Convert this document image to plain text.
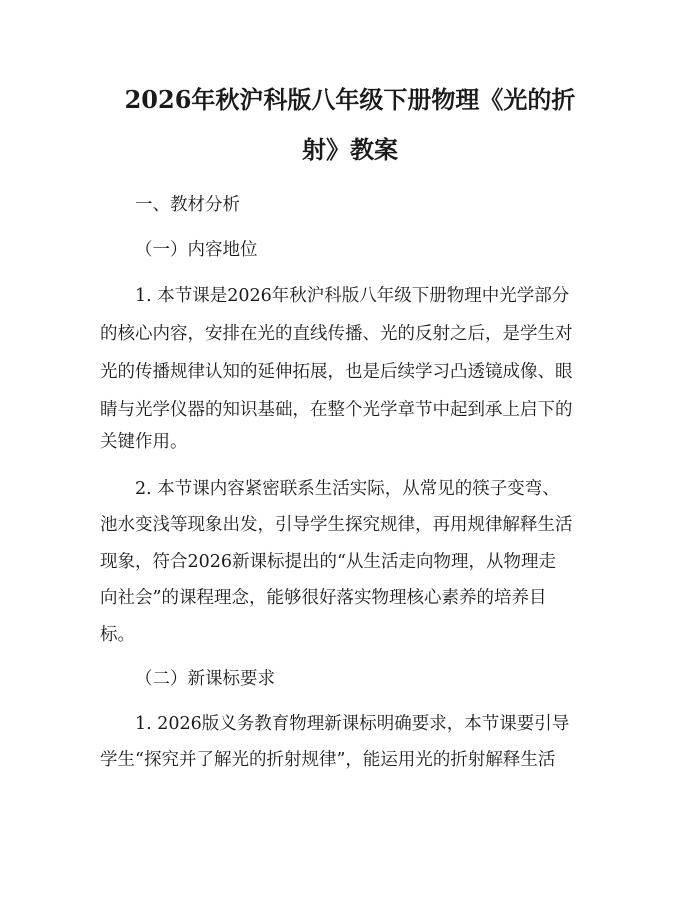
2026年秋沪科版八年级下册物理《光的折
射》教案

一、教材分析

（一）内容地位

1. 本节课是2026年秋沪科版八年级下册物理中光学部分

的核心内容，安排在光的直线传播、光的反射之后，是学生对

光的传播规律认知的延伸拓展，也是后续学习凸透镜成像、眼

睛与光学仪器的知识基础，在整个光学章节中起到承上启下的

关键作用。

2. 本节课内容紧密联系生活实际，从常见的筷子变弯、

池水变浅等现象出发，引导学生探究规律，再用规律解释生活

现象，符合2026新课标提出的“从生活走向物理，从物理走

向社会”的课程理念，能够很好落实物理核心素养的培养目

标。

（二）新课标要求

1. 2026版义务教育物理新课标明确要求，本节课要引导

学生“探究并了解光的折射规律”，能运用光的折射解释生活
